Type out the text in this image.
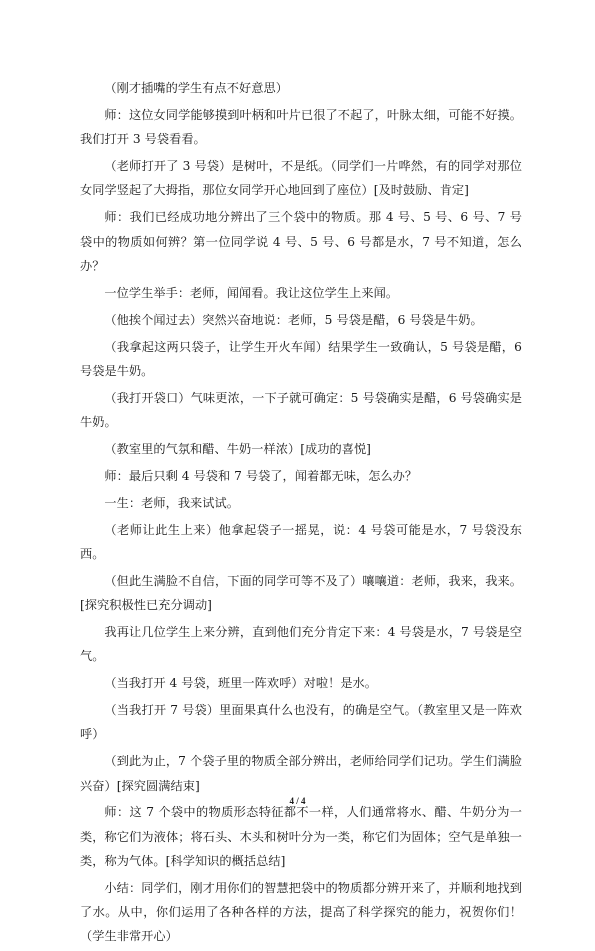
（刚才插嘴的学生有点不好意思）

师：这位女同学能够摸到叶柄和叶片已很了不起了，叶脉太细，可能不好摸。我们打开 3 号袋看看。

（老师打开了 3 号袋）是树叶，不是纸。（同学们一片哗然，有的同学对那位女同学竖起了大拇指，那位女同学开心地回到了座位）[及时鼓励、肯定]

师：我们已经成功地分辨出了三个袋中的物质。那 4 号、5 号、6 号、7 号袋中的物质如何辨？第一位同学说 4 号、5 号、6 号都是水，7 号不知道，怎么办？

一位学生举手：老师，闻闻看。我让这位学生上来闻。

（他挨个闻过去）突然兴奋地说：老师，5 号袋是醋，6 号袋是牛奶。

（我拿起这两只袋子，让学生开火车闻）结果学生一致确认，5 号袋是醋，6 号袋是牛奶。

（我打开袋口）气味更浓，一下子就可确定：5 号袋确实是醋，6 号袋确实是牛奶。

（教室里的气氛和醋、牛奶一样浓）[成功的喜悦]

师：最后只剩 4 号袋和 7 号袋了，闻着都无味，怎么办？

一生：老师，我来试试。

（老师让此生上来）他拿起袋子一摇晃，说：4 号袋可能是水，7 号袋没东西。

（但此生满脸不自信，下面的同学可等不及了）嚷嚷道：老师，我来，我来。[探究积极性已充分调动]

我再让几位学生上来分辨，直到他们充分肯定下来：4 号袋是水，7 号袋是空气。

（当我打开 4 号袋，班里一阵欢呼）对啦！是水。

（当我打开 7 号袋）里面果真什么也没有，的确是空气。（教室里又是一阵欢呼）

（到此为止，7 个袋子里的物质全部分辨出，老师给同学们记功。学生们满脸兴奋）[探究圆满结束]

师：这 7 个袋中的物质形态特征都不一样，人们通常将水、醋、牛奶分为一类，称它们为液体；将石头、木头和树叶分为一类，称它们为固体；空气是单独一类，称为气体。[科学知识的概括总结]

小结：同学们，刚才用你们的智慧把袋中的物质都分辨开来了，并顺利地找到了水。从中，你们运用了各种各样的方法，提高了科学探究的能力，祝贺你们！（学生非常开心）

4 / 4
